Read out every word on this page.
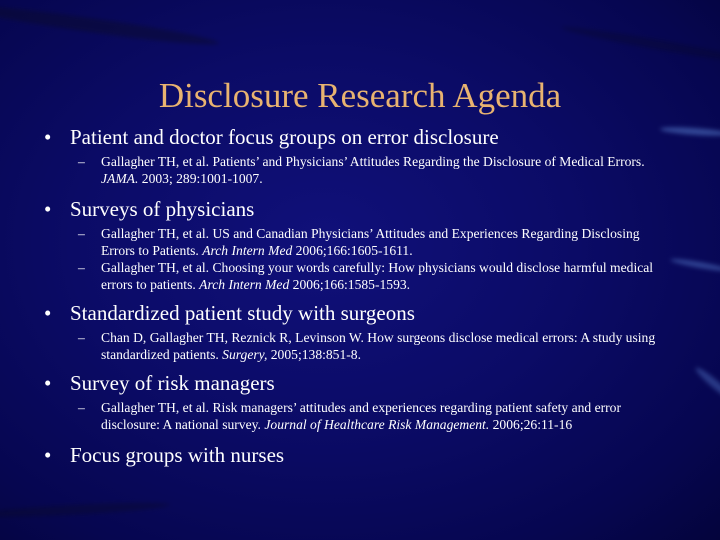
Disclosure Research Agenda
• Patient and doctor focus groups on error disclosure
– Gallagher TH, et al. Patients’ and Physicians’ Attitudes Regarding the Disclosure of Medical Errors. JAMA. 2003; 289:1001-1007.
• Surveys of physicians
– Gallagher TH, et al. US and Canadian Physicians’ Attitudes and Experiences Regarding Disclosing Errors to Patients. Arch Intern Med 2006;166:1605-1611.
– Gallagher TH, et al. Choosing your words carefully: How physicians would disclose harmful medical errors to patients. Arch Intern Med 2006;166:1585-1593.
• Standardized patient study with surgeons
– Chan D, Gallagher TH, Reznick R, Levinson W. How surgeons disclose medical errors: A study using standardized patients. Surgery, 2005;138:851-8.
• Survey of risk managers
– Gallagher TH, et al. Risk managers’ attitudes and experiences regarding patient safety and error disclosure: A national survey. Journal of Healthcare Risk Management. 2006;26:11-16
• Focus groups with nurses
